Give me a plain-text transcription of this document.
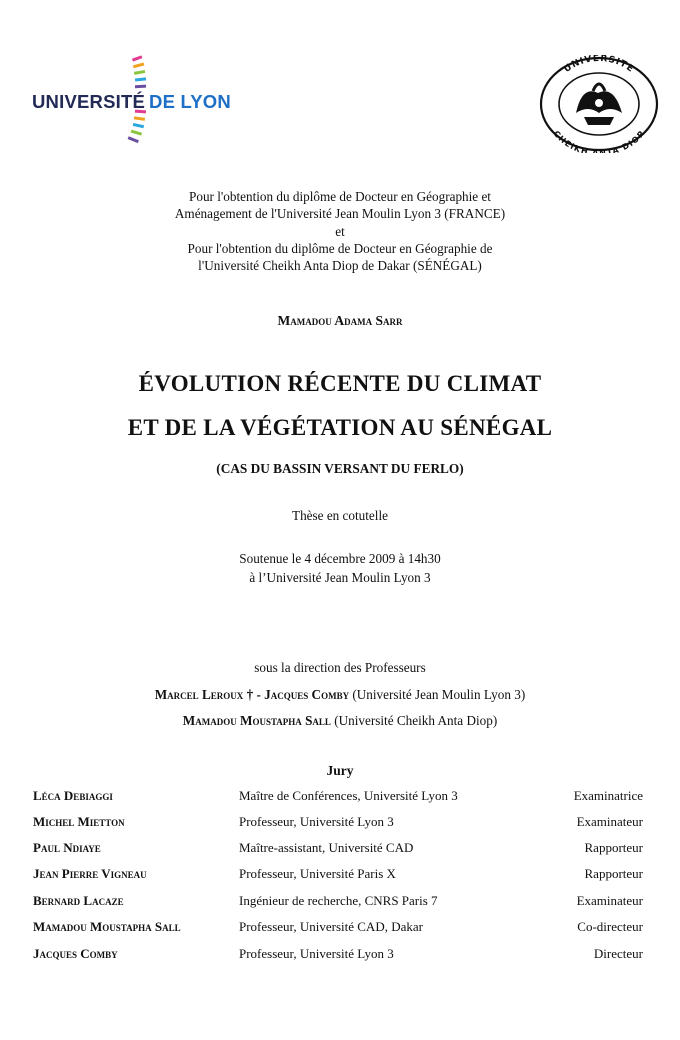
UNIVERSITÉ DE LYON
UNIVERSITE
CHEIKH ANTA DIOP
Pour l'obtention du diplôme de Docteur en Géographie et
Aménagement de l'Université Jean Moulin Lyon 3 (FRANCE)
et
Pour l'obtention du diplôme de Docteur en Géographie de
l'Université Cheikh Anta Diop de Dakar (SÉNÉGAL)
Mamadou Adama Sarr
ÉVOLUTION RÉCENTE DU CLIMAT
ET DE LA VÉGÉTATION AU SÉNÉGAL
(CAS DU BASSIN VERSANT DU FERLO)
Thèse en cotutelle
Soutenue le 4 décembre 2009 à 14h30
à l’Université Jean Moulin Lyon 3
sous la direction des Professeurs
Marcel Leroux † - Jacques Comby (Université Jean Moulin Lyon 3)
Mamadou Moustapha Sall (Université Cheikh Anta Diop)
Jury
Léca Debiaggi	Maître de Conférences, Université Lyon 3	Examinatrice
Michel Mietton	Professeur, Université Lyon 3	Examinateur
Paul Ndiaye	Maître-assistant, Université CAD	Rapporteur
Jean Pierre Vigneau	Professeur, Université Paris X	Rapporteur
Bernard Lacaze	Ingénieur de recherche, CNRS Paris 7	Examinateur
Mamadou Moustapha Sall	Professeur, Université CAD, Dakar	Co-directeur
Jacques Comby	Professeur, Université Lyon 3	Directeur
